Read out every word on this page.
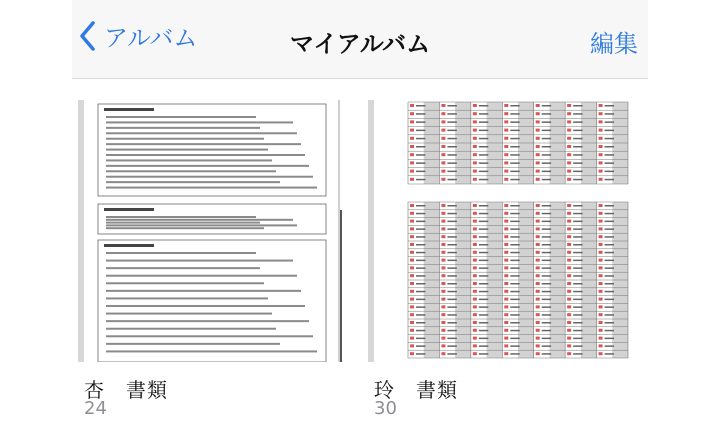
アルバム	マイアルバム	編集
杏　書類
24
玲　書類
30
